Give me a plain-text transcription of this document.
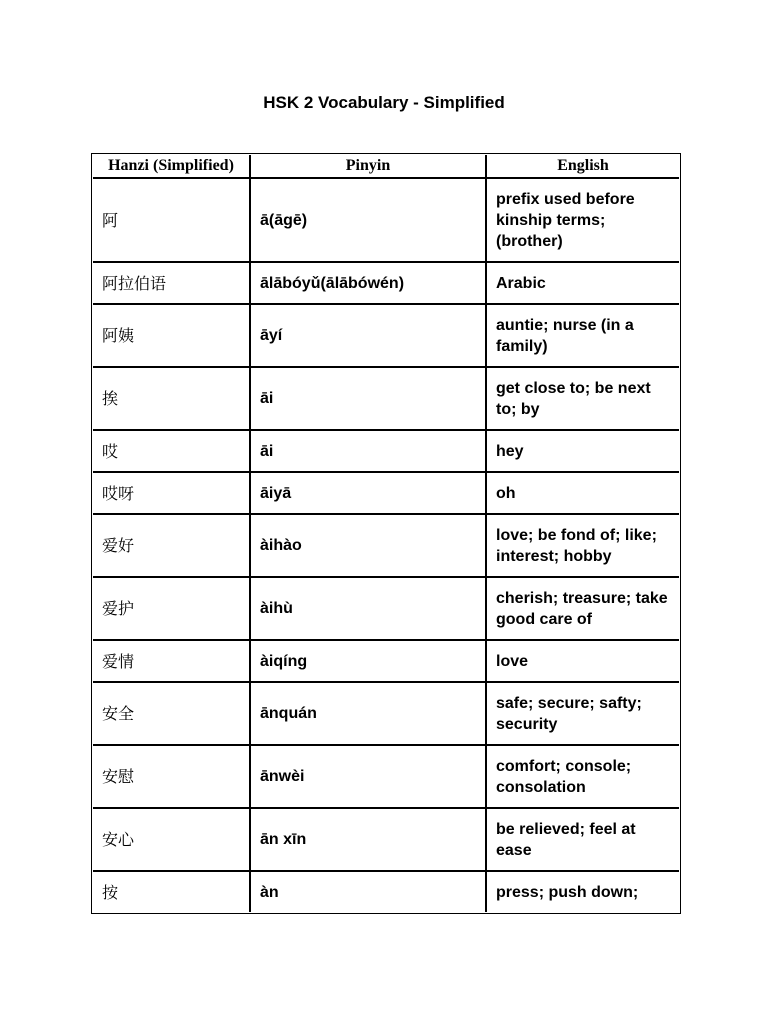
HSK 2 Vocabulary - Simplified
Hanzi (Simplified)	Pinyin	English
阿	ā(āgē)	prefix used before kinship terms; (brother)
阿拉伯语	ālābóyǔ(ālābówén)	Arabic
阿姨	āyí	auntie; nurse (in a family)
挨	āi	get close to; be next to; by
哎	āi	hey
哎呀	āiyā	oh
爱好	àihào	love; be fond of; like; interest; hobby
爱护	àihù	cherish; treasure; take good care of
爱情	àiqíng	love
安全	ānquán	safe; secure; safty; security
安慰	ānwèi	comfort; console; consolation
安心	ān xīn	be relieved; feel at ease
按	àn	press; push down;
